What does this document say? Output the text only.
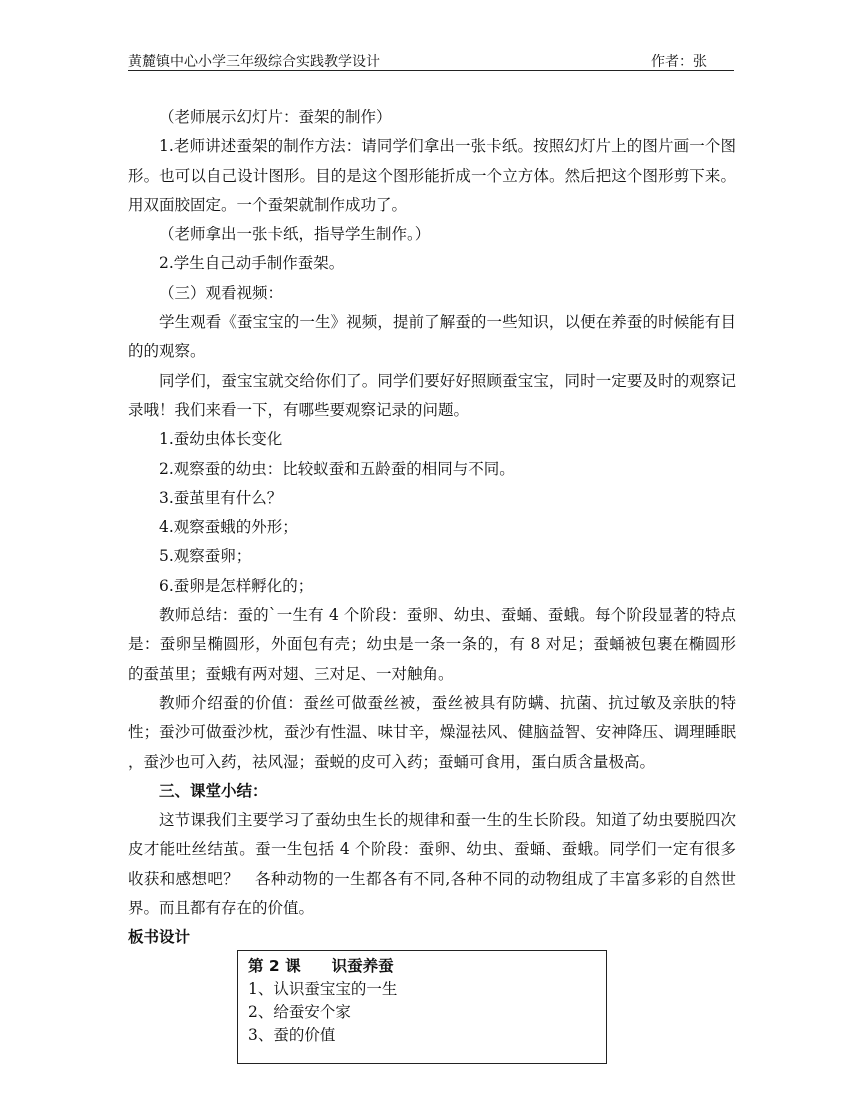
黄麓镇中心小学三年级综合实践教学设计	作者：张

（老师展示幻灯片：蚕架的制作）

1.老师讲述蚕架的制作方法：请同学们拿出一张卡纸。按照幻灯片上的图片画一个图形。也可以自己设计图形。目的是这个图形能折成一个立方体。然后把这个图形剪下来。用双面胶固定。一个蚕架就制作成功了。

（老师拿出一张卡纸，指导学生制作。）

2.学生自己动手制作蚕架。

（三）观看视频：

学生观看《蚕宝宝的一生》视频，提前了解蚕的一些知识，以便在养蚕的时候能有目的的观察。

同学们，蚕宝宝就交给你们了。同学们要好好照顾蚕宝宝，同时一定要及时的观察记录哦！我们来看一下，有哪些要观察记录的问题。

1.蚕幼虫体长变化

2.观察蚕的幼虫：比较蚁蚕和五龄蚕的相同与不同。

3.蚕茧里有什么？

4.观察蚕蛾的外形；

5.观察蚕卵；

6.蚕卵是怎样孵化的；

教师总结：蚕的`一生有 4 个阶段：蚕卵、幼虫、蚕蛹、蚕蛾。每个阶段显著的特点是：蚕卵呈椭圆形，外面包有壳；幼虫是一条一条的，有 8 对足；蚕蛹被包裹在椭圆形的蚕茧里；蚕蛾有两对翅、三对足、一对触角。

教师介绍蚕的价值：蚕丝可做蚕丝被，蚕丝被具有防螨、抗菌、抗过敏及亲肤的特性；蚕沙可做蚕沙枕，蚕沙有性温、味甘辛，燥湿祛风、健脑益智、安神降压、调理睡眠 ，蚕沙也可入药，祛风湿；蚕蜕的皮可入药；蚕蛹可食用，蛋白质含量极高。

三、课堂小结：

这节课我们主要学习了蚕幼虫生长的规律和蚕一生的生长阶段。知道了幼虫要脱四次皮才能吐丝结茧。蚕一生包括 4 个阶段：蚕卵、幼虫、蚕蛹、蚕蛾。同学们一定有很多收获和感想吧？　各种动物的一生都各有不同,各种不同的动物组成了丰富多彩的自然世界。而且都有存在的价值。

板书设计

第 2 课　　识蚕养蚕
1、认识蚕宝宝的一生
2、给蚕安个家
3、蚕的价值
